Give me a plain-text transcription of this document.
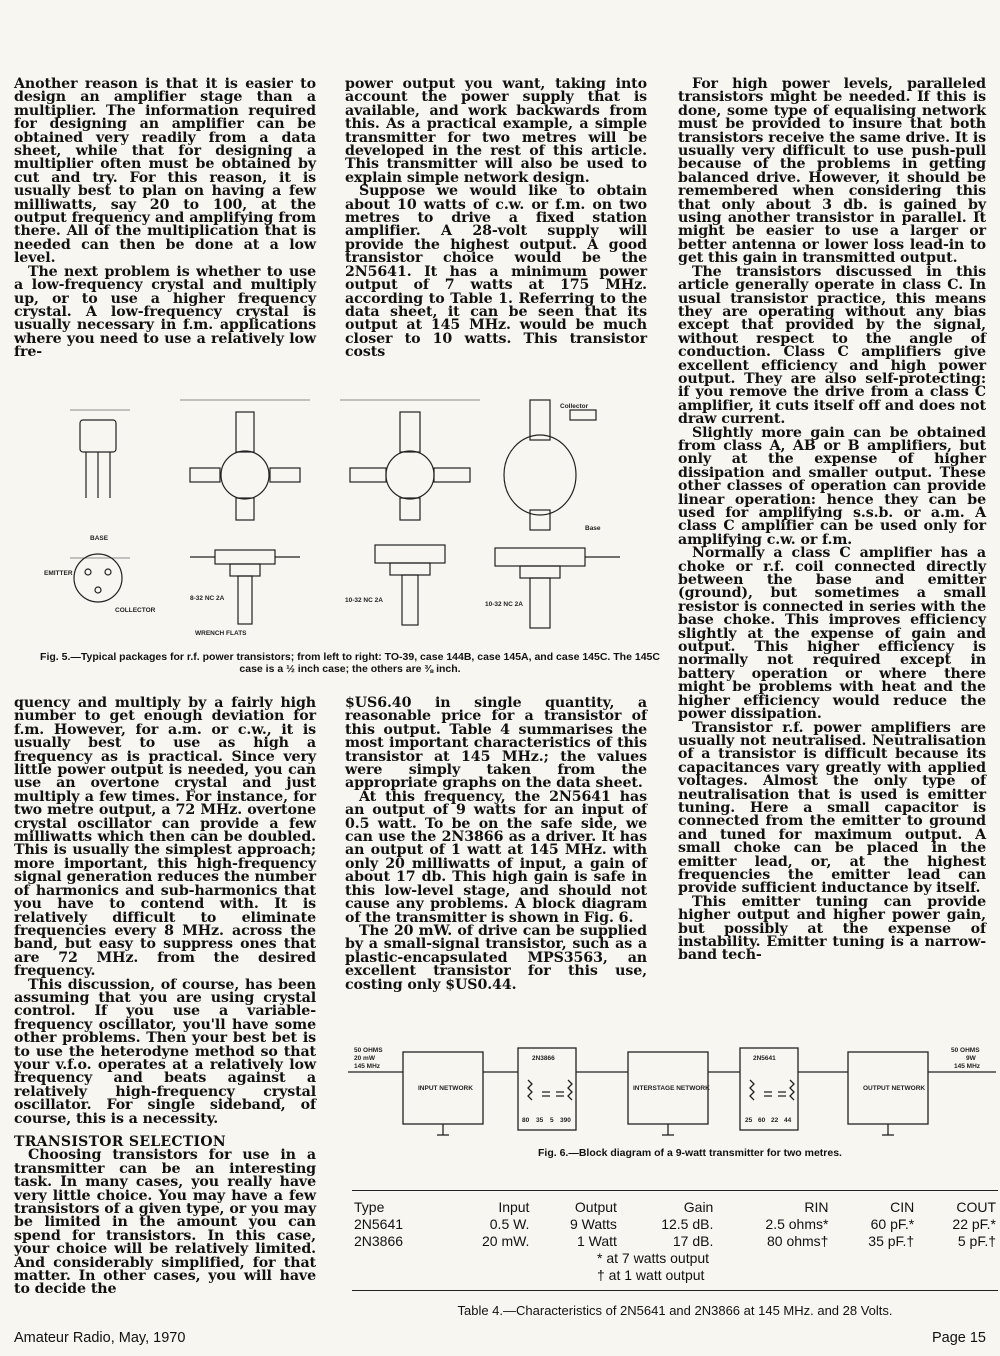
Another reason is that it is easier to design an amplifier stage than a multiplier. The information required for designing an amplifier can be obtained very readily from a data sheet, while that for designing a multiplier often must be obtained by cut and try. For this reason, it is usually best to plan on having a few milliwatts, say 20 to 100, at the output frequency and amplifying from there. All of the multiplication that is needed can then be done at a low level.

The next problem is whether to use a low-frequency crystal and multiply up, or to use a higher frequency crystal. A low-frequency crystal is usually necessary in f.m. applications where you need to use a relatively low fre-

power output you want, taking into account the power supply that is available, and work backwards from this. As a practical example, a simple transmitter for two metres will be developed in the rest of this article. This transmitter will also be used to explain simple network design.

Suppose we would like to obtain about 10 watts of c.w. or f.m. on two metres to drive a fixed station amplifier. A 28-volt supply will provide the highest output. A good transistor choice would be the 2N5641. It has a minimum power output of 7 watts at 175 MHz. according to Table 1. Referring to the data sheet, it can be seen that its output at 145 MHz. would be much closer to 10 watts. This transistor costs

For high power levels, paralleled transistors might be needed. If this is done, some type of equalising network must be provided to insure that both transistors receive the same drive. It is usually very difficult to use push-pull because of the problems in getting balanced drive. However, it should be remembered when considering this that only about 3 db. is gained by using another transistor in parallel. It might be easier to use a larger or better antenna or lower loss lead-in to get this gain in transmitted output.

The transistors discussed in this article generally operate in class C. In usual transistor practice, this means they are operating without any bias except that provided by the signal, without respect to the angle of conduction. Class C amplifiers give excellent efficiency and high power output. They are also self-protecting: if you remove the drive from a class C amplifier, it cuts itself off and does not draw current.

Slightly more gain can be obtained from class A, AB or B amplifiers, but only at the expense of higher dissipation and smaller output. These other classes of operation can provide linear operation: hence they can be used for amplifying s.s.b. or a.m. A class C amplifier can be used only for amplifying c.w. or f.m.

Normally a class C amplifier has a choke or r.f. coil connected directly between the base and emitter (ground), but sometimes a small resistor is connected in series with the base choke. This improves efficiency slightly at the expense of gain and output. This higher efficiency is normally not required except in battery operation or where there might be problems with heat and the higher efficiency would reduce the power dissipation.

Transistor r.f. power amplifiers are usually not neutralised. Neutralisation of a transistor is difficult because its capacitances vary greatly with applied voltages. Almost the only type of neutralisation that is used is emitter tuning. Here a small capacitor is connected from the emitter to ground and tuned for maximum output. A small choke can be placed in the emitter lead, or, at the highest frequencies the emitter lead can provide sufficient inductance by itself.

This emitter tuning can provide higher output and higher power gain, but possibly at the expense of instability. Emitter tuning is a narrow-band tech-

BASE
EMITTER
COLLECTOR
WRENCH FLATS
8-32 NC 2A	10-32 NC 2A
10-32 NC 2A
Collector
Base
Fig. 5.—Typical packages for r.f. power transistors; from left to right: TO-39, case 144B, case 145A, and case 145C. The 145C case is a ½ inch case; the others are ⅜ inch.

quency and multiply by a fairly high number to get enough deviation for f.m. However, for a.m. or c.w., it is usually best to use as high a frequency as is practical. Since very little power output is needed, you can use an overtone crystal and just multiply a few times. For instance, for two metre output, a 72 MHz. overtone crystal oscillator can provide a few milliwatts which then can be doubled. This is usually the simplest approach; more important, this high-frequency signal generation reduces the number of harmonics and sub-harmonics that you have to contend with. It is relatively difficult to eliminate frequencies every 8 MHz. across the band, but easy to suppress ones that are 72 MHz. from the desired frequency.

This discussion, of course, has been assuming that you are using crystal control. If you use a variable-frequency oscillator, you'll have some other problems. Then your best bet is to use the heterodyne method so that your v.f.o. operates at a relatively low frequency and beats against a relatively high-frequency crystal oscillator. For single sideband, of course, this is a necessity.

TRANSISTOR SELECTION

Choosing transistors for use in a transmitter can be an interesting task. In many cases, you really have very little choice. You may have a few transistors of a given type, or you may be limited in the amount you can spend for transistors. In this case, your choice will be relatively limited. And considerably simplified, for that matter. In other cases, you will have to decide the

$US6.40 in single quantity, a reasonable price for a transistor of this output. Table 4 summarises the most important characteristics of this transistor at 145 MHz.; the values were simply taken from the appropriate graphs on the data sheet.

At this frequency, the 2N5641 has an output of 9 watts for an input of 0.5 watt. To be on the safe side, we can use the 2N3866 as a driver. It has an output of 1 watt at 145 MHz. with only 20 milliwatts of input, a gain of about 17 db. This high gain is safe in this low-level stage, and should not cause any problems. A block diagram of the transmitter is shown in Fig. 6.

The 20 mW. of drive can be supplied by a small-signal transistor, such as a plastic-encapsulated MPS3563, an excellent transistor for this use, costing only $US0.44.

50 OHMS
20 mW
145 MHz
50 OHMS
9W
145 MHz
INPUT NETWORK	INTERSTAGE NETWORK	OUTPUT NETWORK
2N3866	2N5641
80 35 5 390	25 60 22 44
Fig. 6.—Block diagram of a 9-watt transmitter for two metres.
Type	Input	Output	Gain	RIN	CIN	COUT
2N5641	0.5 W.	9 Watts	12.5 dB.	2.5 ohms*	60 pF.*	22 pF.*
2N3866	20 mW.	1 Watt	17 dB.	80 ohms†	35 pF.†	5 pF.†
* at 7 watts output						
† at 1 watt output						
Table 4.—Characteristics of 2N5641 and 2N3866 at 145 MHz. and 28 Volts.
Amateur Radio, May, 1970	Page 15
